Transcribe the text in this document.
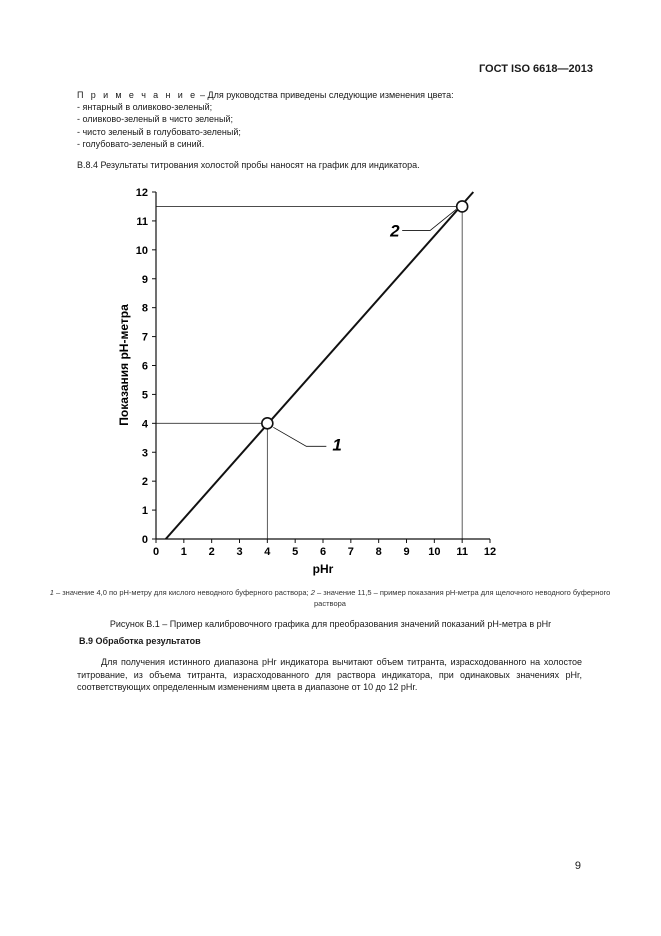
ГОСТ ISO 6618—2013
П р и м е ч а н и е – Для руководства приведены следующие изменения цвета:
- янтарный в оливково-зеленый;
- оливково-зеленый в чисто зеленый;
- чисто зеленый в голубовато-зеленый;
- голубовато-зеленый в синий.
В.8.4 Результаты титрования холостой пробы наносят на график для индикатора.
0 1 2 3 4 5 6 7 8 9 10 11 12
0
1
2
3
4
5
6
7
8
9
10
11
12
1
2
pHr
Показания pH-метра
1 – значение 4,0 по pH-метру для кислого неводного буферного раствора; 2 – значение 11,5 – пример показания pH-метра для щелочного неводного буферного раствора
Рисунок В.1 – Пример калибровочного графика для преобразования значений показаний pH-метра в pHr
В.9 Обработка результатов
Для получения истинного диапазона pHr индикатора вычитают объем титранта, израсходованного на холостое титрование, из объема титранта, израсходованного для раствора индикатора, при одинаковых значениях pHr, соответствующих определенным изменениям цвета в диапазоне от 10 до 12 pHr.
9
